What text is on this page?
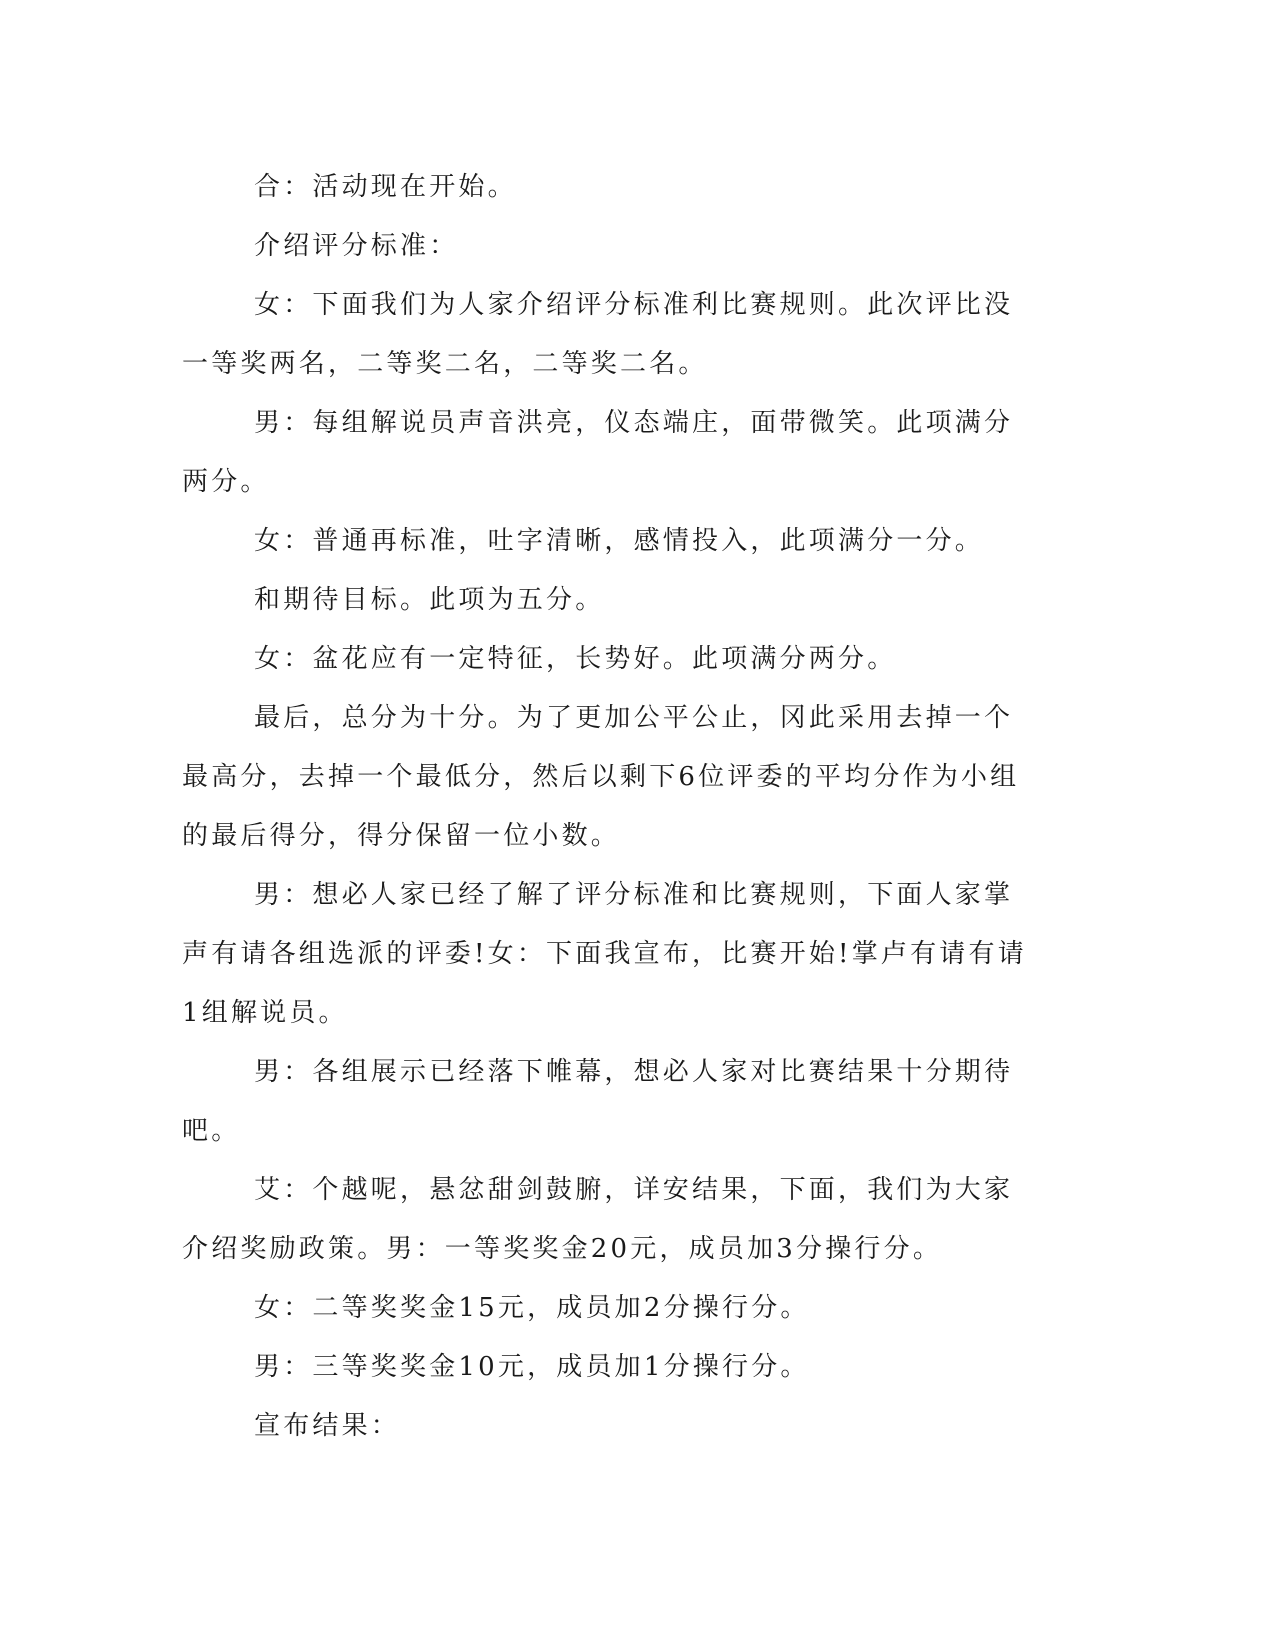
合：活动现在开始。

介绍评分标准：

女：下面我们为人家介绍评分标准利比赛规则。此次评比没一等奖两名，二等奖二名，二等奖二名。

男：每组解说员声音洪亮，仪态端庄，面带微笑。此项满分两分。

女：普通再标准，吐字清晰，感情投入，此项满分一分。

和期待目标。此项为五分。

女：盆花应有一定特征，长势好。此项满分两分。

最后，总分为十分。为了更加公平公止，冈此采用去掉一个最高分，去掉一个最低分，然后以剩下6位评委的平均分作为小组的最后得分，得分保留一位小数。

男：想必人家已经了解了评分标准和比赛规则，下面人家掌声有请各组选派的评委!女：下面我宣布，比赛开始!掌卢有请有请1组解说员。

男：各组展示已经落下帷幕，想必人家对比赛结果十分期待吧。

艾：个越呢，悬忿甜剑鼓腑，详安结果，下面，我们为大家介绍奖励政策。男：一等奖奖金20元，成员加3分操行分。

女：二等奖奖金15元，成员加2分操行分。

男：三等奖奖金10元，成员加1分操行分。

宣布结果：
